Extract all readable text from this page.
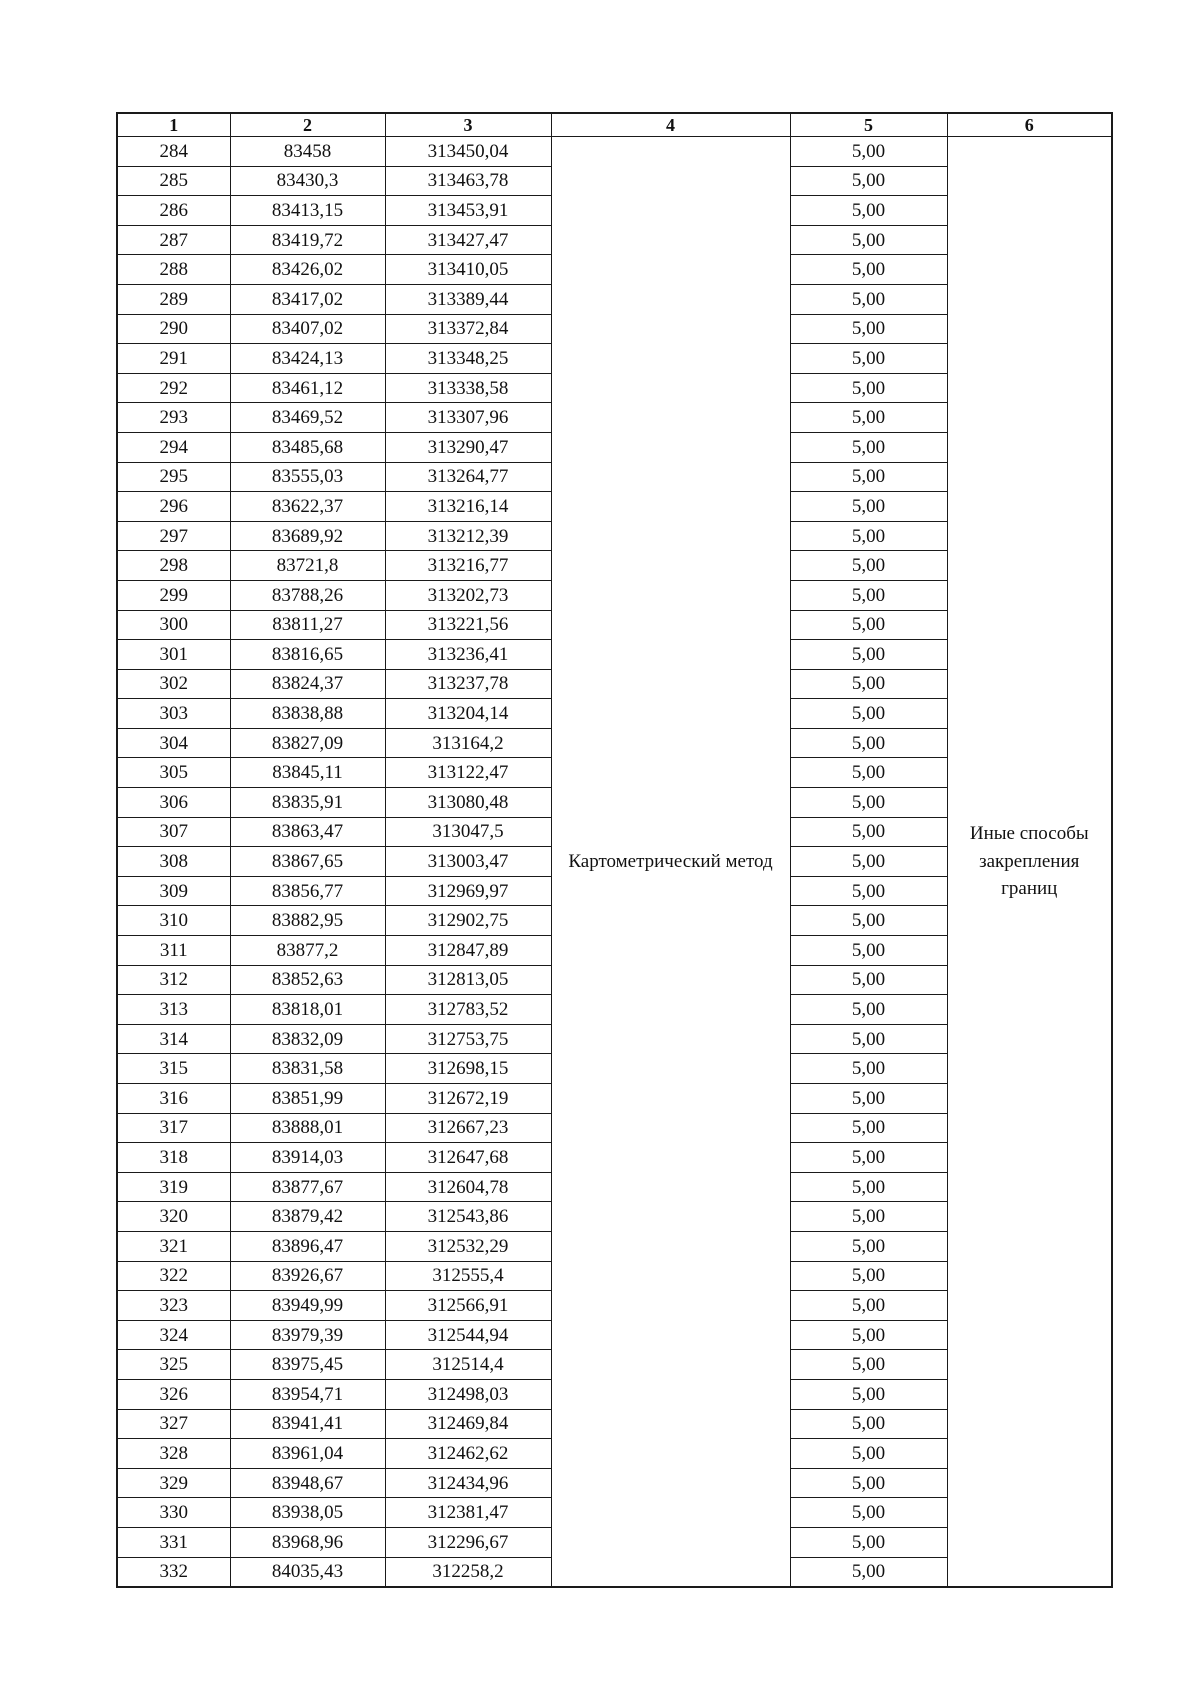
1	2	3	4	5	6
284	83458	313450,04	Картометрический метод	5,00	Иные способы закрепления границ
285	83430,3	313463,78		5,00	
286	83413,15	313453,91		5,00	
287	83419,72	313427,47		5,00	
288	83426,02	313410,05		5,00	
289	83417,02	313389,44		5,00	
290	83407,02	313372,84		5,00	
291	83424,13	313348,25		5,00	
292	83461,12	313338,58		5,00	
293	83469,52	313307,96		5,00	
294	83485,68	313290,47		5,00	
295	83555,03	313264,77		5,00	
296	83622,37	313216,14		5,00	
297	83689,92	313212,39		5,00	
298	83721,8	313216,77		5,00	
299	83788,26	313202,73		5,00	
300	83811,27	313221,56		5,00	
301	83816,65	313236,41		5,00	
302	83824,37	313237,78		5,00	
303	83838,88	313204,14		5,00	
304	83827,09	313164,2		5,00	
305	83845,11	313122,47		5,00	
306	83835,91	313080,48		5,00	
307	83863,47	313047,5		5,00	
308	83867,65	313003,47		5,00	
309	83856,77	312969,97		5,00	
310	83882,95	312902,75		5,00	
311	83877,2	312847,89		5,00	
312	83852,63	312813,05		5,00	
313	83818,01	312783,52		5,00	
314	83832,09	312753,75		5,00	
315	83831,58	312698,15		5,00	
316	83851,99	312672,19		5,00	
317	83888,01	312667,23		5,00	
318	83914,03	312647,68		5,00	
319	83877,67	312604,78		5,00	
320	83879,42	312543,86		5,00	
321	83896,47	312532,29		5,00	
322	83926,67	312555,4		5,00	
323	83949,99	312566,91		5,00	
324	83979,39	312544,94		5,00	
325	83975,45	312514,4		5,00	
326	83954,71	312498,03		5,00	
327	83941,41	312469,84		5,00	
328	83961,04	312462,62		5,00	
329	83948,67	312434,96		5,00	
330	83938,05	312381,47		5,00	
331	83968,96	312296,67		5,00	
332	84035,43	312258,2		5,00	
